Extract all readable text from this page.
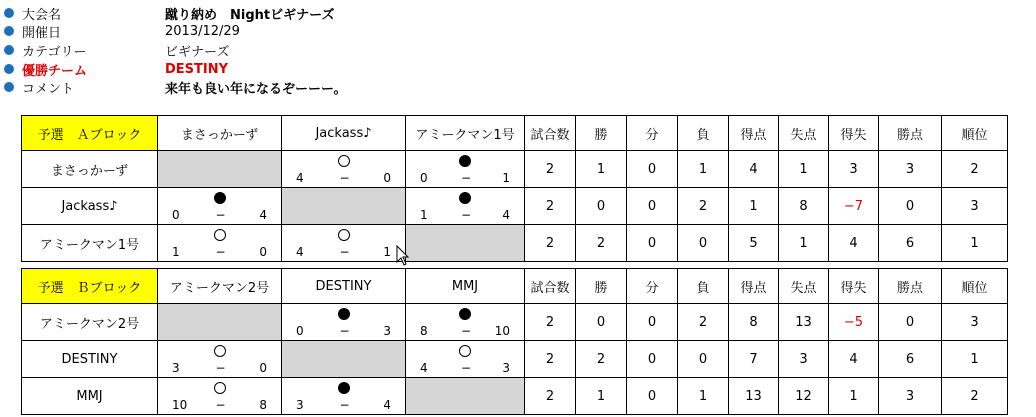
大会名	蹴り納め　Nightビギナーズ
開催日	2013/12/29
カテゴリー	ビギナーズ
優勝チーム	DESTINY
コメント	来年も良い年になるぞーーー。
予選　Ａブロック	まさっかーず	Jackass♪	アミークマン1号	試合数	勝	分	負	得点	失点	得失	勝点	順位
まさっかーず		4 − 0	0 − 1	2	1	0	1	4	1	3	3	2
Jackass♪	0 − 4		1 − 4	2	0	0	2	1	8	−7	0	3
アミークマン1号	1 − 0	4 − 1		2	2	0	0	5	1	4	6	1
予選　Ｂブロック	アミークマン2号	DESTINY	MMJ	試合数	勝	分	負	得点	失点	得失	勝点	順位
アミークマン2号		0 − 3	8 − 10	2	0	0	2	8	13	−5	0	3
DESTINY	3 − 0		4 − 3	2	2	0	0	7	3	4	6	1
MMJ	10 − 8	3 − 4		2	1	0	1	13	12	1	3	2
